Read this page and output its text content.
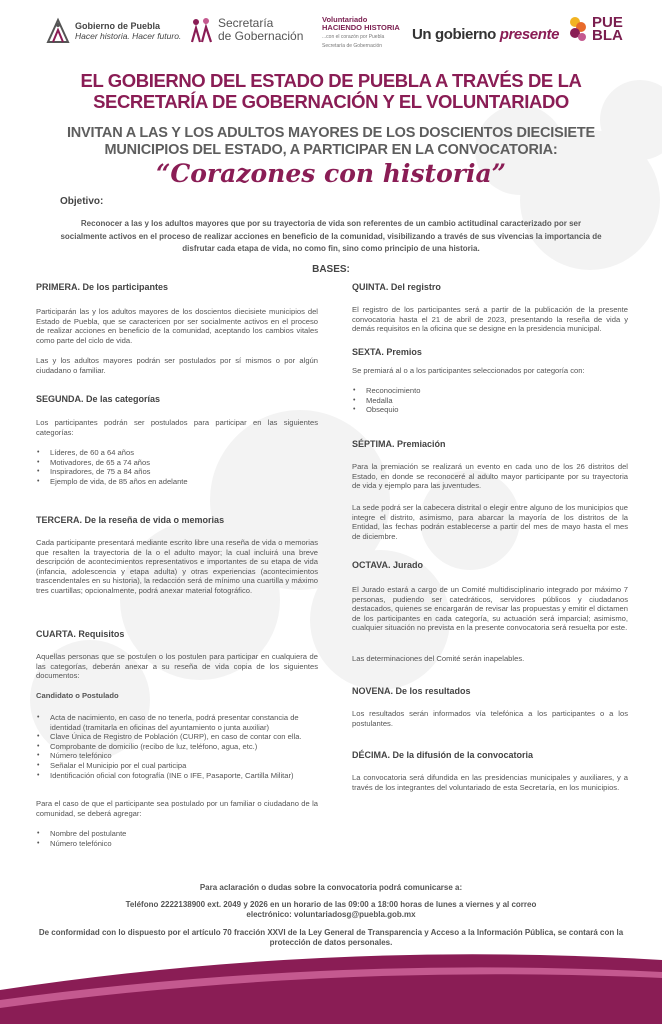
Gobierno de Puebla
Hacer historia. Hacer futuro.
Secretaría
de Gobernación
Voluntariado
HACIENDO HISTORIA
...con el corazón por Puebla
Secretaría de Gobernación
Un gobierno presente
PUE
BLA
EL GOBIERNO DEL ESTADO DE PUEBLA A TRAVÉS DE LA SECRETARÍA DE GOBERNACIÓN Y EL VOLUNTARIADO
INVITAN A LAS Y LOS ADULTOS MAYORES DE LOS DOSCIENTOS DIECISIETE MUNICIPIOS DEL ESTADO, A PARTICIPAR EN LA CONVOCATORIA:
“Corazones con historia”
Objetivo:
Reconocer a las y los adultos mayores que por su trayectoria de vida son referentes de un cambio actitudinal caracterizado por ser socialmente activos en el proceso de realizar acciones en beneficio de la comunidad, visibilizando a través de sus vivencias la importancia de disfrutar cada etapa de vida, no como fin, sino como principio de una historia.
BASES:
PRIMERA. De los participantes
Participarán las y los adultos mayores de los doscientos diecisiete municipios del Estado de Puebla, que se caractericen por ser socialmente activos en el proceso de realizar acciones en beneficio de la comunidad, aceptando los cambios vitales como parte del ciclo de vida.
Las y los adultos mayores podrán ser postulados por sí mismos o por algún ciudadano o familiar.
SEGUNDA. De las categorías
Los participantes podrán ser postulados para participar en las siguientes categorías:
• Líderes, de 60 a 64 años
• Motivadores, de 65 a 74 años
• Inspiradores, de 75 a 84 años
• Ejemplo de vida, de 85 años en adelante
TERCERA. De la reseña de vida o memorias
Cada participante presentará mediante escrito libre una reseña de vida o memorias que resalten la trayectoria de la o el adulto mayor; la cual incluirá una breve descripción de acontecimientos representativos e importantes de su etapa de vida (infancia, adolescencia y etapa adulta) y otras experiencias (acontecimientos trascendentales en su historia), la redacción será de mínimo una cuartilla y máximo tres cuartillas; opcionalmente, podrá anexar material fotográfico.
CUARTA. Requisitos
Aquellas personas que se postulen o los postulen para participar en cualquiera de las categorías, deberán anexar a su reseña de vida copia de los siguientes documentos:
Candidato o Postulado
• Acta de nacimiento, en caso de no tenerla, podrá presentar constancia de identidad (tramitarla en oficinas del ayuntamiento o junta auxiliar)
• Clave Única de Registro de Población (CURP), en caso de contar con ella.
• Comprobante de domicilio (recibo de luz, teléfono, agua, etc.)
• Número telefónico
• Señalar el Municipio por el cual participa
• Identificación oficial con fotografía (INE o IFE, Pasaporte, Cartilla Militar)
Para el caso de que el participante sea postulado por un familiar o ciudadano de la comunidad, se deberá agregar:
• Nombre del postulante
• Número telefónico
QUINTA. Del registro
El registro de los participantes será a partir de la publicación de la presente convocatoria hasta el 21 de abril de 2023, presentando la reseña de vida y demás requisitos en la oficina que se designe en la presidencia municipal.
SEXTA. Premios
Se premiará al o a los participantes seleccionados por categoría con:
• Reconocimiento
• Medalla
• Obsequio
SÉPTIMA. Premiación
Para la premiación se realizará un evento en cada uno de los 26 distritos del Estado, en donde se reconoceré al adulto mayor participante por su trayectoria de vida y ejemplo para las juventudes.
La sede podrá ser la cabecera distrital o elegir entre alguno de los municipios que integre el distrito, asimismo, para abarcar la mayoría de los distritos de la Entidad, las fechas podrán establecerse a partir del mes de mayo hasta el mes de diciembre.
OCTAVA. Jurado
El Jurado estará a cargo de un Comité multidisciplinario integrado por máximo 7 personas, pudiendo ser catedráticos, servidores públicos y ciudadanos destacados, quienes se encargarán de revisar las propuestas y emitir el dictamen de los participantes en cada categoría, su actuación será imparcial; asimismo, cualquier situación no prevista en la presente convocatoria será resuelta por este.
Las determinaciones del Comité serán inapelables.
NOVENA. De los resultados
Los resultados serán informados vía telefónica a los participantes o a los postulantes.
DÉCIMA. De la difusión de la convocatoria
La convocatoria será difundida en las presidencias municipales y auxiliares, y a través de los integrantes del voluntariado de esta Secretaría, en los municipios.
Para aclaración o dudas sobre la convocatoria podrá comunicarse a:
Teléfono 2222138900 ext. 2049 y 2026 en un horario de las 09:00 a 18:00 horas de lunes a viernes y al correo electrónico: voluntariadosg@puebla.gob.mx
De conformidad con lo dispuesto por el artículo 70 fracción XXVI de la Ley General de Transparencia y Acceso a la Información Pública, se contará con la protección de datos personales.
